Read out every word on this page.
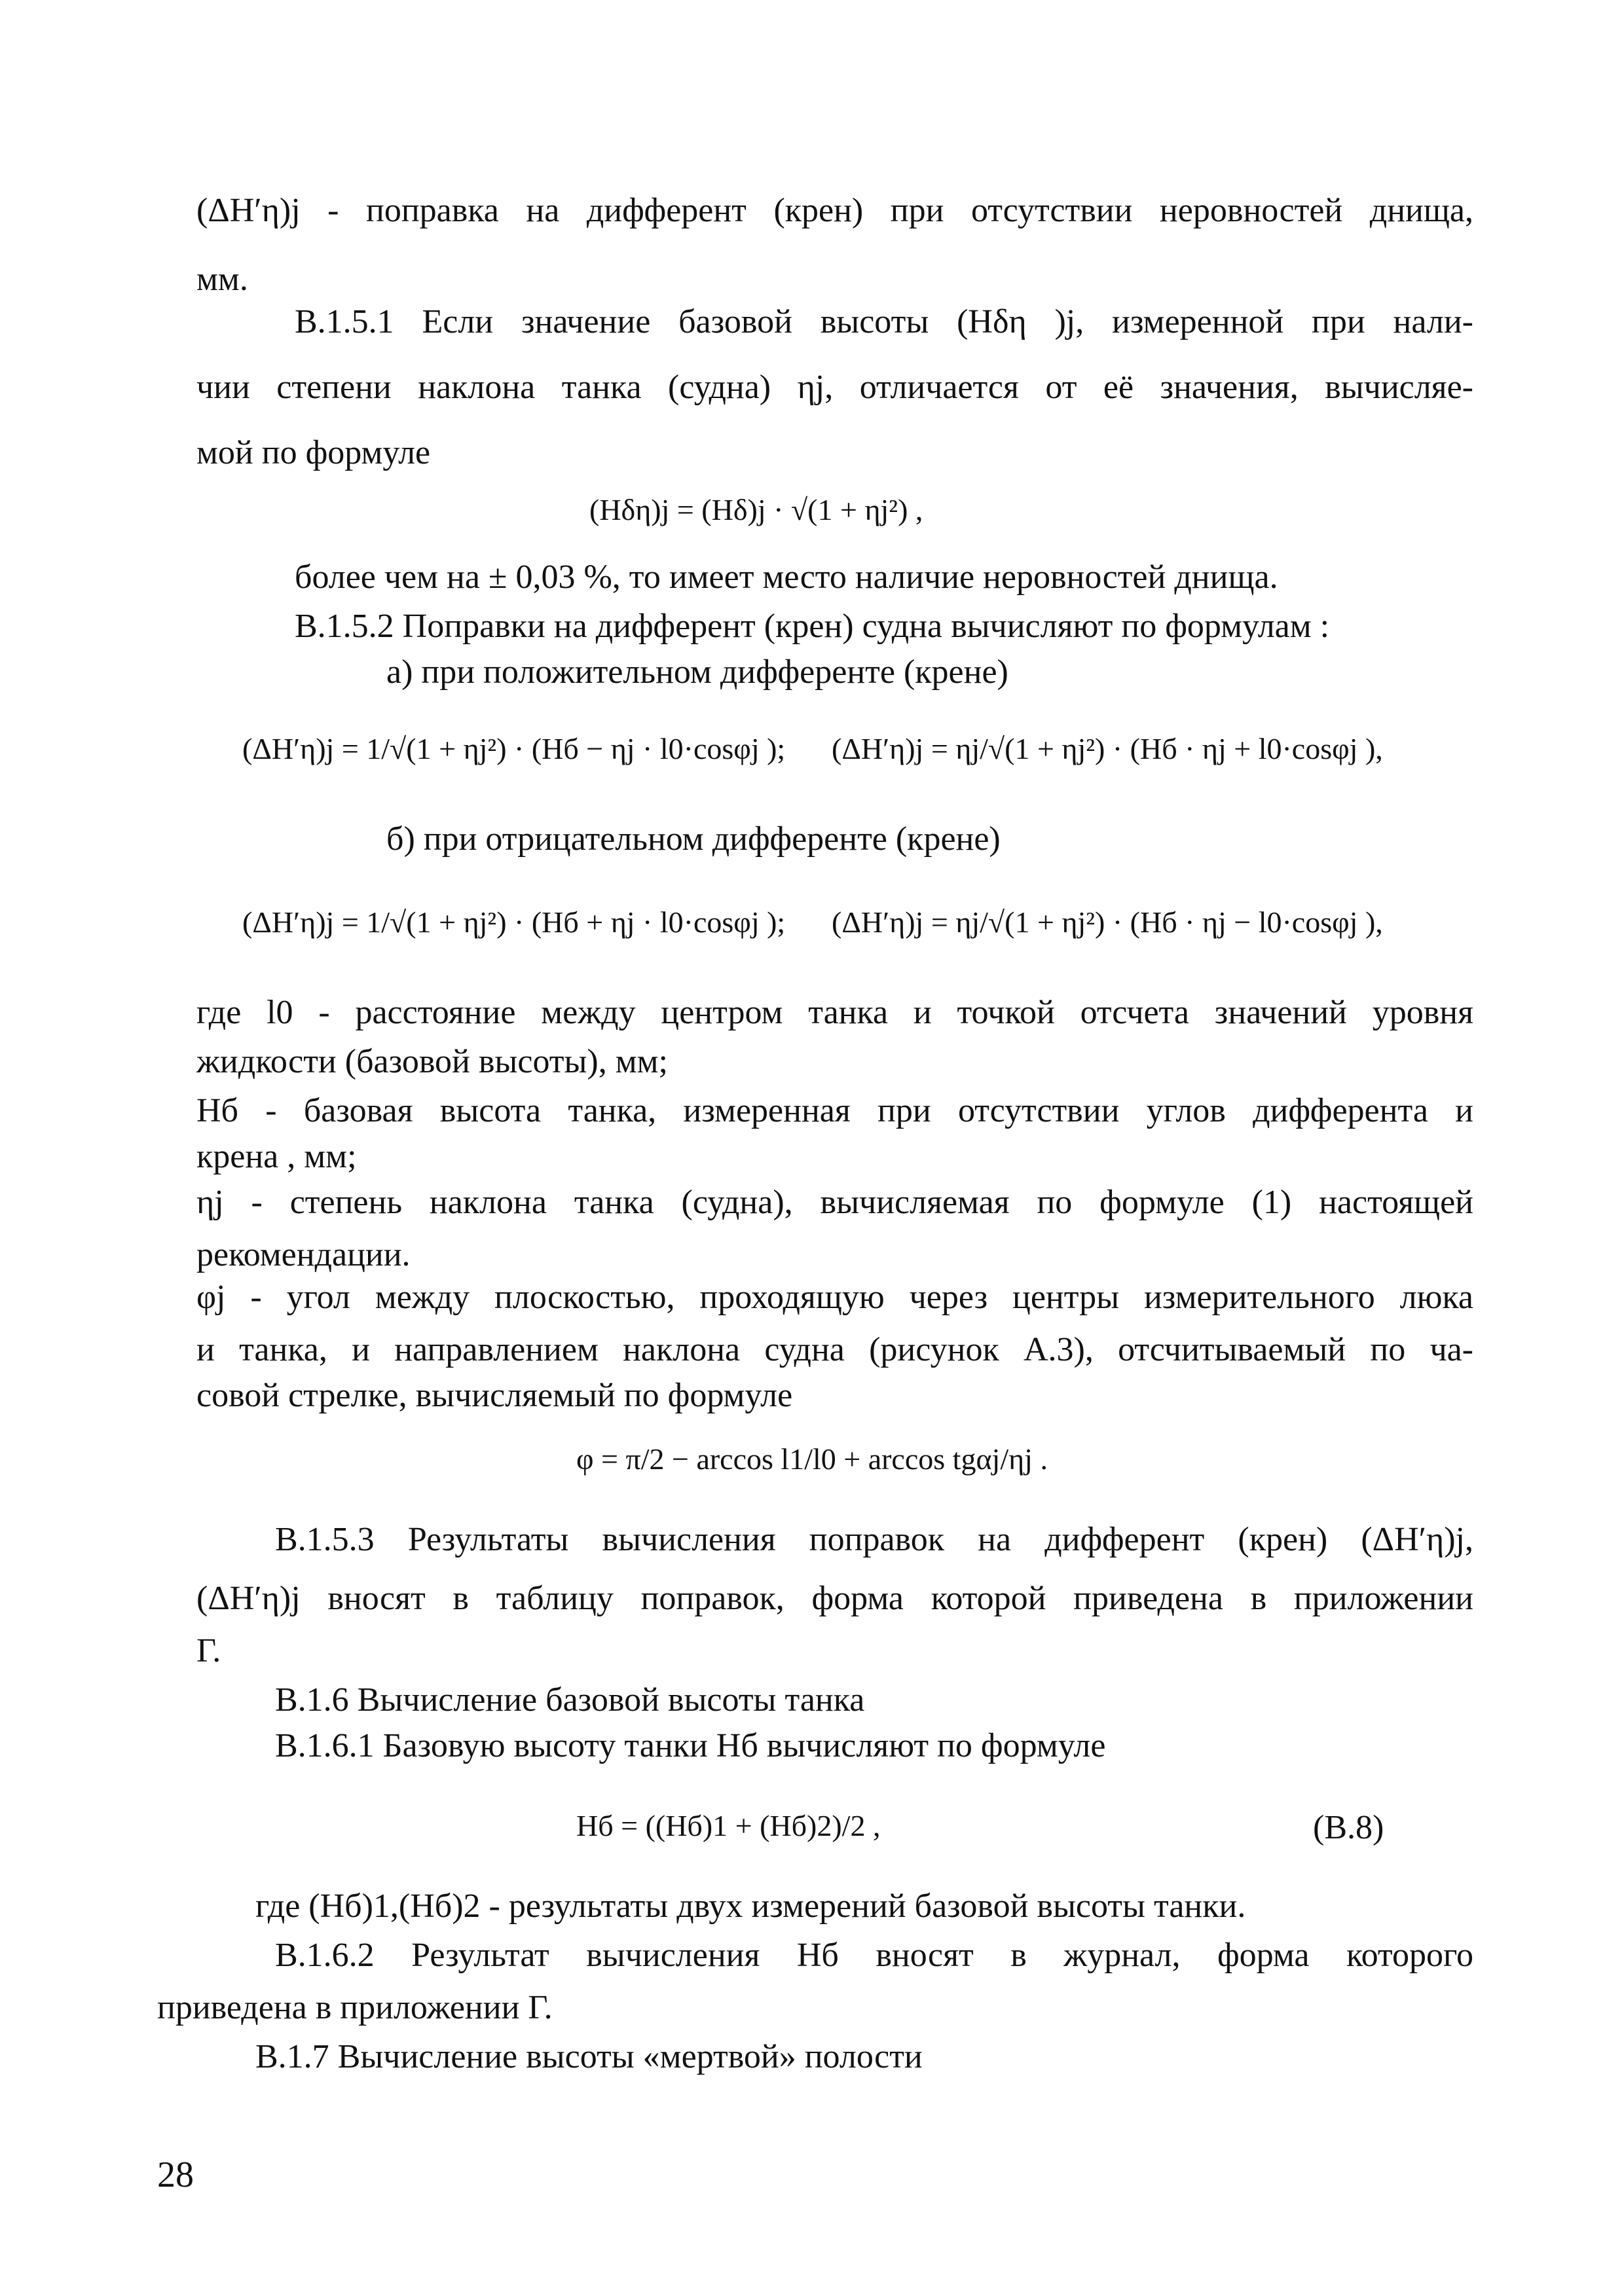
(ΔH′η)j - поправка на дифферент (крен) при отсутствии неровностей днища,
мм.
В.1.5.1 Если значение базовой высоты (Hδη )j, измеренной при нали-
чии степени наклона танка (судна) ηj, отличается от её значения, вычисляе-
мой по формуле
(Hδη)j = (Hδ)j · √(1 + ηj²) ,
более чем на ± 0,03 %, то имеет место наличие неровностей днища.
В.1.5.2 Поправки на дифферент (крен) судна вычисляют по формулам :
а) при положительном дифференте (крене)
(ΔH′η)j = 1/√(1 + ηj²) · (Hб − ηj · l0·cosφj ); (ΔH′η)j = ηj/√(1 + ηj²) · (Hб · ηj + l0·cosφj ),
б) при отрицательном дифференте (крене)
(ΔH′η)j = 1/√(1 + ηj²) · (Hб + ηj · l0·cosφj ); (ΔH′η)j = ηj/√(1 + ηj²) · (Hб · ηj − l0·cosφj ),
где l0 - расстояние между центром танка и точкой отсчета значений уровня
жидкости (базовой высоты), мм;
Нб - базовая высота танка, измеренная при отсутствии углов дифферента и
крена , мм;
ηj - степень наклона танка (судна), вычисляемая по формуле (1) настоящей
рекомендации.
φj - угол между плоскостью, проходящую через центры измерительного люка
и танка, и направлением наклона судна (рисунок А.3), отсчитываемый по ча-
совой стрелке, вычисляемый по формуле
φ = π/2 − arccos l1/l0 + arccos tgαj/ηj .
В.1.5.3 Результаты вычисления поправок на дифферент (крен) (ΔH′η)j,
(ΔH′η)j вносят в таблицу поправок, форма которой приведена в приложении
Г.
В.1.6 Вычисление базовой высоты танка
В.1.6.1 Базовую высоту танки Hб вычисляют по формуле
Hб = ((Hб)1 + (Hб)2)/2 ,	(В.8)
где (Hб)1,(Hб)2 - результаты двух измерений базовой высоты танки.
В.1.6.2 Результат вычисления Hб вносят в журнал, форма которого
приведена в приложении Г.
В.1.7 Вычисление высоты «мертвой» полости
28
